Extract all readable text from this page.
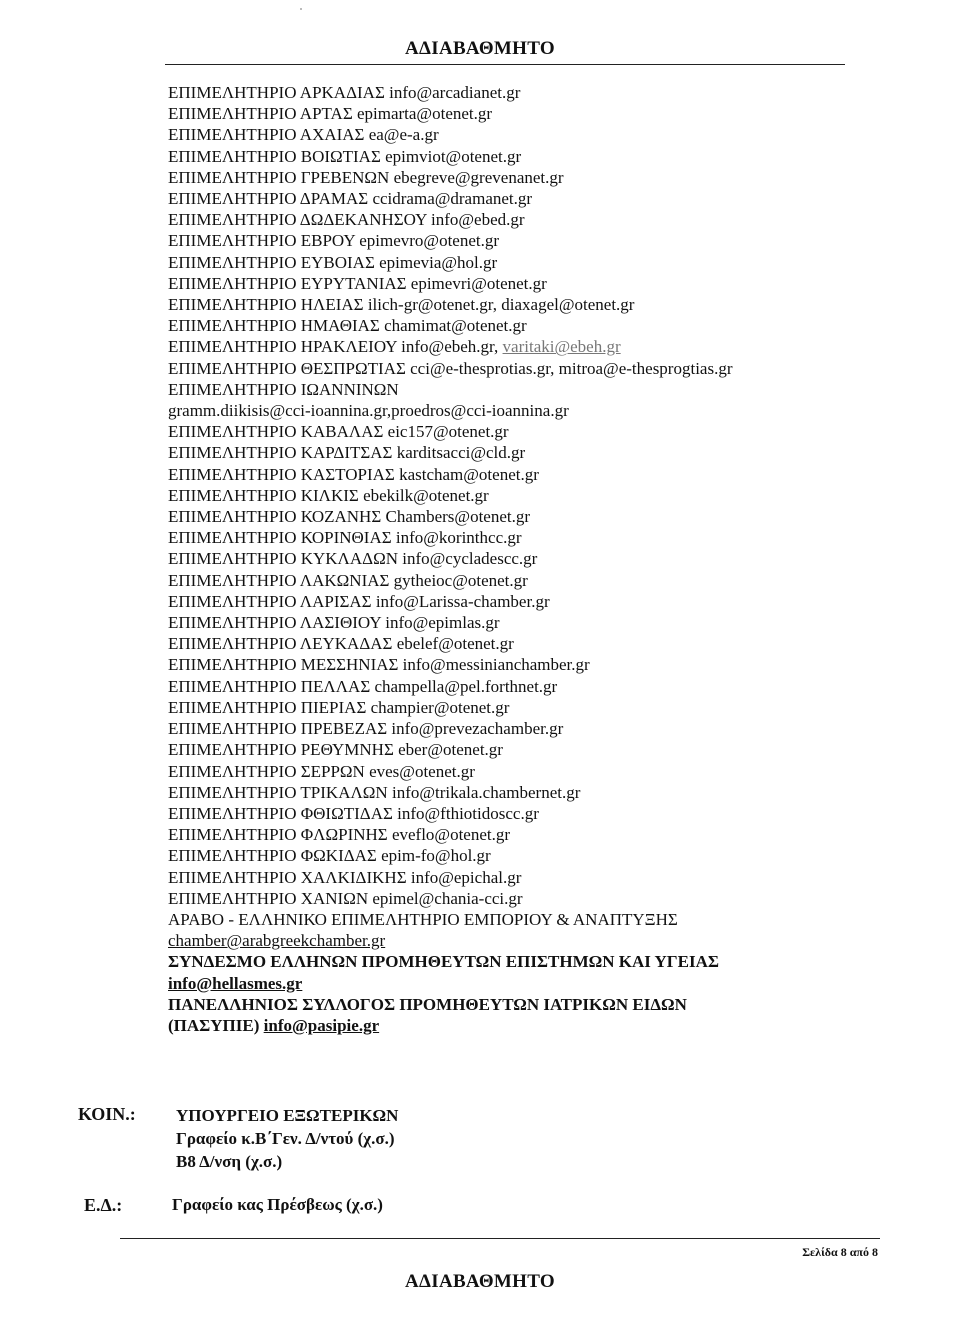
ΑΔΙΑΒΑΘΜΗΤΟ
ΕΠΙΜΕΛΗΤΗΡΙΟ ΑΡΚΑΔΙΑΣ info@arcadianet.gr
ΕΠΙΜΕΛΗΤΗΡΙΟ ΑΡΤΑΣ epimarta@otenet.gr
ΕΠΙΜΕΛΗΤΗΡΙΟ ΑΧΑΙΑΣ ea@e-a.gr
ΕΠΙΜΕΛΗΤΗΡΙΟ ΒΟΙΩΤΙΑΣ epimviot@otenet.gr
ΕΠΙΜΕΛΗΤΗΡΙΟ ΓΡΕΒΕΝΩΝ ebegreve@grevenanet.gr
ΕΠΙΜΕΛΗΤΗΡΙΟ ΔΡΑΜΑΣ ccidrama@dramanet.gr
ΕΠΙΜΕΛΗΤΗΡΙΟ ΔΩΔΕΚΑΝΗΣΟΥ info@ebed.gr
ΕΠΙΜΕΛΗΤΗΡΙΟ ΕΒΡΟΥ epimevro@otenet.gr
ΕΠΙΜΕΛΗΤΗΡΙΟ ΕΥΒΟΙΑΣ epimevia@hol.gr
ΕΠΙΜΕΛΗΤΗΡΙΟ ΕΥΡΥΤΑΝΙΑΣ epimevri@otenet.gr
ΕΠΙΜΕΛΗΤΗΡΙΟ ΗΛΕΙΑΣ ilich-gr@otenet.gr, diaxagel@otenet.gr
ΕΠΙΜΕΛΗΤΗΡΙΟ ΗΜΑΘΙΑΣ chamimat@otenet.gr
ΕΠΙΜΕΛΗΤΗΡΙΟ ΗΡΑΚΛΕΙΟΥ info@ebeh.gr, varitaki@ebeh.gr
ΕΠΙΜΕΛΗΤΗΡΙΟ ΘΕΣΠΡΩΤΙΑΣ cci@e-thesprotias.gr, mitroa@e-thesprogtias.gr
ΕΠΙΜΕΛΗΤΗΡΙΟ ΙΩΑΝΝΙΝΩΝ
gramm.diikisis@cci-ioannina.gr,proedros@cci-ioannina.gr
ΕΠΙΜΕΛΗΤΗΡΙΟ ΚΑΒΑΛΑΣ eic157@otenet.gr
ΕΠΙΜΕΛΗΤΗΡΙΟ ΚΑΡΔΙΤΣΑΣ karditsacci@cld.gr
ΕΠΙΜΕΛΗΤΗΡΙΟ ΚΑΣΤΟΡΙΑΣ kastcham@otenet.gr
ΕΠΙΜΕΛΗΤΗΡΙΟ ΚΙΛΚΙΣ ebekilk@otenet.gr
ΕΠΙΜΕΛΗΤΗΡΙΟ ΚΟΖΑΝΗΣ Chambers@otenet.gr
ΕΠΙΜΕΛΗΤΗΡΙΟ ΚΟΡΙΝΘΙΑΣ info@korinthcc.gr
ΕΠΙΜΕΛΗΤΗΡΙΟ ΚΥΚΛΑΔΩΝ info@cycladescc.gr
ΕΠΙΜΕΛΗΤΗΡΙΟ ΛΑΚΩΝΙΑΣ gytheioc@otenet.gr
ΕΠΙΜΕΛΗΤΗΡΙΟ ΛΑΡΙΣΑΣ info@Larissa-chamber.gr
ΕΠΙΜΕΛΗΤΗΡΙΟ ΛΑΣΙΘΙΟΥ info@epimlas.gr
ΕΠΙΜΕΛΗΤΗΡΙΟ ΛΕΥΚΑΔΑΣ ebelef@otenet.gr
ΕΠΙΜΕΛΗΤΗΡΙΟ ΜΕΣΣΗΝΙΑΣ info@messinianchamber.gr
ΕΠΙΜΕΛΗΤΗΡΙΟ ΠΕΛΛΑΣ champella@pel.forthnet.gr
ΕΠΙΜΕΛΗΤΗΡΙΟ ΠΙΕΡΙΑΣ champier@otenet.gr
ΕΠΙΜΕΛΗΤΗΡΙΟ ΠΡΕΒΕΖΑΣ info@prevezachamber.gr
ΕΠΙΜΕΛΗΤΗΡΙΟ ΡΕΘΥΜΝΗΣ eber@otenet.gr
ΕΠΙΜΕΛΗΤΗΡΙΟ ΣΕΡΡΩΝ eves@otenet.gr
ΕΠΙΜΕΛΗΤΗΡΙΟ ΤΡΙΚΑΛΩΝ info@trikala.chambernet.gr
ΕΠΙΜΕΛΗΤΗΡΙΟ ΦΘΙΩΤΙΔΑΣ info@fthiotidoscc.gr
ΕΠΙΜΕΛΗΤΗΡΙΟ ΦΛΩΡΙΝΗΣ eveflo@otenet.gr
ΕΠΙΜΕΛΗΤΗΡΙΟ ΦΩΚΙΔΑΣ epim-fo@hol.gr
ΕΠΙΜΕΛΗΤΗΡΙΟ ΧΑΛΚΙΔΙΚΗΣ info@epichal.gr
ΕΠΙΜΕΛΗΤΗΡΙΟ ΧΑΝΙΩΝ epimel@chania-cci.gr
ΑΡΑΒΟ - ΕΛΛΗΝΙΚΟ ΕΠΙΜΕΛΗΤΗΡΙΟ ΕΜΠΟΡΙΟΥ & ΑΝΑΠΤΥΞΗΣ
chamber@arabgreekchamber.gr
ΣΥΝΔΕΣΜΟ ΕΛΛΗΝΩΝ ΠΡΟΜΗΘΕΥΤΩΝ ΕΠΙΣΤΗΜΩΝ ΚΑΙ ΥΓΕΙΑΣ
info@hellasmes.gr
ΠΑΝΕΛΛΗΝΙΟΣ ΣΥΛΛΟΓΟΣ ΠΡΟΜΗΘΕΥΤΩΝ ΙΑΤΡΙΚΩΝ ΕΙΔΩΝ
(ΠΑΣΥΠΙΕ) info@pasipie.gr
ΚΟΙΝ.: ΥΠΟΥΡΓΕΙΟ ΕΞΩΤΕΡΙΚΩΝ
Γραφείο κ.Β΄Γεν. Δ/ντού (χ.σ.)
Β8 Δ/νση (χ.σ.)
Ε.Δ.:	Γραφείο κας Πρέσβεως (χ.σ.)
Σελίδα 8 από 8
ΑΔΙΑΒΑΘΜΗΤΟ
